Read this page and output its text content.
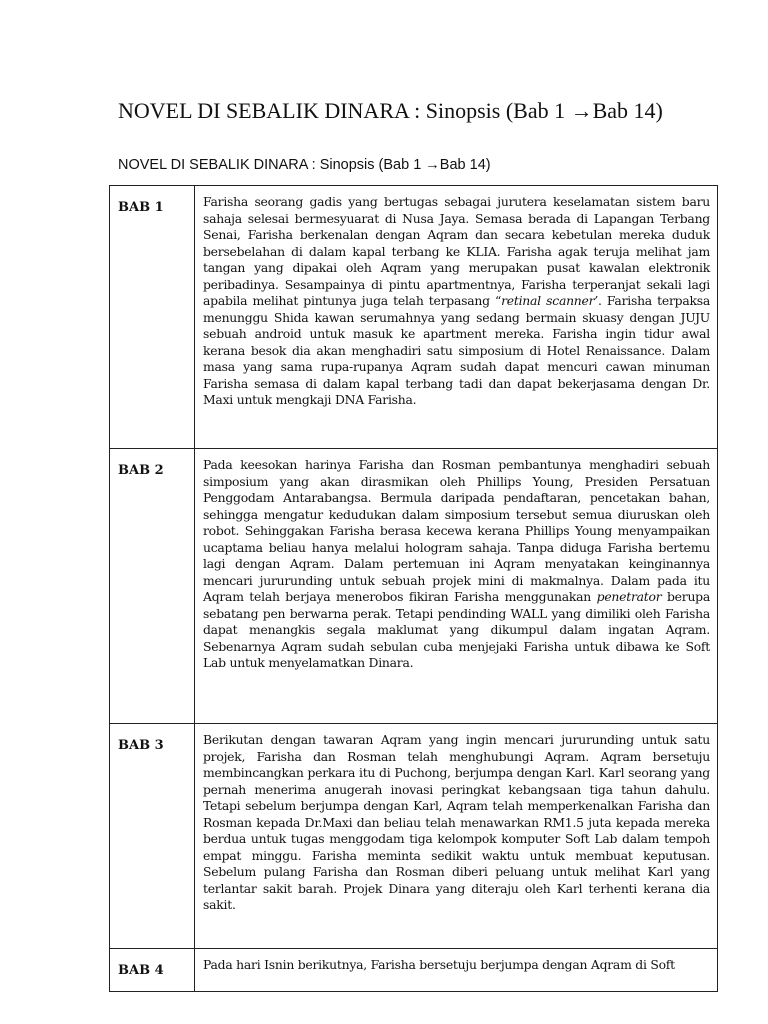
NOVEL DI SEBALIK DINARA : Sinopsis (Bab 1 →Bab 14)

NOVEL DI SEBALIK DINARA : Sinopsis (Bab 1 →Bab 14)

BAB 1	Farisha seorang gadis yang bertugas sebagai jurutera keselamatan sistem baru sahaja selesai bermesyuarat di Nusa Jaya. Semasa berada di Lapangan Terbang Senai, Farisha berkenalan dengan Aqram dan secara kebetulan mereka duduk bersebelahan di dalam kapal terbang ke KLIA. Farisha agak teruja melihat jam tangan yang dipakai oleh Aqram yang merupakan pusat kawalan elektronik peribadinya. Sesampainya di pintu apartmentnya, Farisha terperanjat sekali lagi apabila melihat pintunya juga telah terpasang “retinal scanner’. Farisha terpaksa menunggu Shida kawan serumahnya yang sedang bermain skuasy dengan JUJU sebuah android untuk masuk ke apartment mereka. Farisha ingin tidur awal kerana besok dia akan menghadiri satu simposium di Hotel Renaissance. Dalam masa yang sama rupa-rupanya Aqram sudah dapat mencuri cawan minuman Farisha semasa di dalam kapal terbang tadi dan dapat bekerjasama dengan Dr. Maxi untuk mengkaji DNA Farisha.
BAB 2	Pada keesokan harinya Farisha dan Rosman pembantunya menghadiri sebuah simposium yang akan dirasmikan oleh Phillips Young, Presiden Persatuan Penggodam Antarabangsa. Bermula daripada pendaftaran, pencetakan bahan, sehingga mengatur kedudukan dalam simposium tersebut semua diuruskan oleh robot. Sehinggakan Farisha berasa kecewa kerana Phillips Young menyampaikan ucaptama beliau hanya melalui hologram sahaja. Tanpa diduga Farisha bertemu lagi dengan Aqram. Dalam pertemuan ini Aqram menyatakan keinginannya mencari jururunding untuk sebuah projek mini di makmalnya. Dalam pada itu Aqram telah berjaya menerobos fikiran Farisha menggunakan penetrator berupa sebatang pen berwarna perak. Tetapi pendinding WALL yang dimiliki oleh Farisha dapat menangkis segala maklumat yang dikumpul dalam ingatan Aqram. Sebenarnya Aqram sudah sebulan cuba menjejaki Farisha untuk dibawa ke Soft Lab untuk menyelamatkan Dinara.
BAB 3	Berikutan dengan tawaran Aqram yang ingin mencari jururunding untuk satu projek, Farisha dan Rosman telah menghubungi Aqram. Aqram bersetuju membincangkan perkara itu di Puchong, berjumpa dengan Karl. Karl seorang yang pernah menerima anugerah inovasi peringkat kebangsaan tiga tahun dahulu. Tetapi sebelum berjumpa dengan Karl, Aqram telah memperkenalkan Farisha dan Rosman kepada Dr.Maxi dan beliau telah menawarkan RM1.5 juta kepada mereka berdua untuk tugas menggodam tiga kelompok komputer Soft Lab dalam tempoh empat minggu. Farisha meminta sedikit waktu untuk membuat keputusan. Sebelum pulang Farisha dan Rosman diberi peluang untuk melihat Karl yang terlantar sakit barah. Projek Dinara yang diteraju oleh Karl terhenti kerana dia sakit.
BAB 4	Pada hari Isnin berikutnya, Farisha bersetuju berjumpa dengan Aqram di Soft
